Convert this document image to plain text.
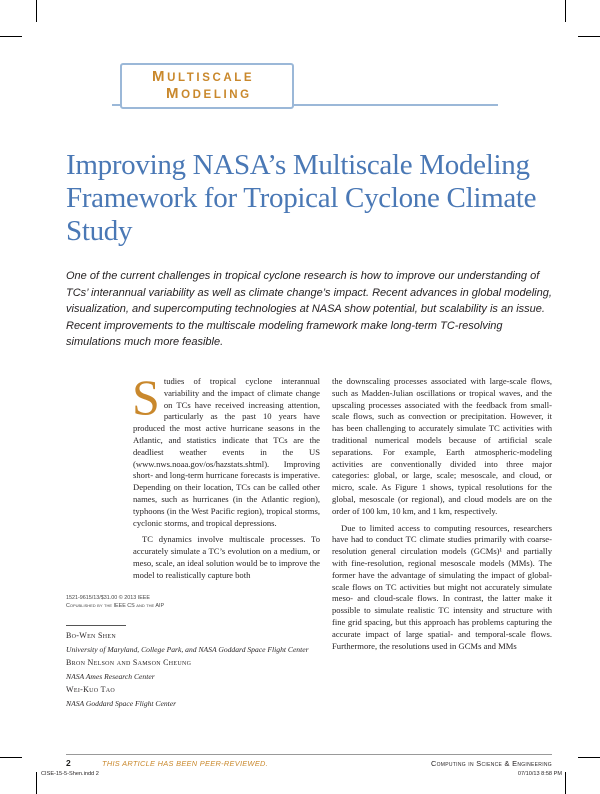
MULTISCALE
MODELING
Improving NASA’s Multiscale Modeling Framework for Tropical Cyclone Climate Study
One of the current challenges in tropical cyclone research is how to improve our understanding of TCs’ interannual variability as well as climate change’s impact. Recent advances in global modeling, visualization, and supercomputing technologies at NASA show potential, but scalability is an issue. Recent improvements to the multiscale modeling framework make long-term TC-resolving simulations much more feasible.
S tudies of tropical cyclone interannual variability and the impact of climate change on TCs have received increasing attention, particularly as the past 10 years have produced the most active hurricane seasons in the Atlantic, and statistics indicate that TCs are the deadliest weather events in the US (www.nws.noaa.gov/os/hazstats.shtml). Improving short- and long-term hurricane forecasts is imperative. Depending on their location, TCs can be called other names, such as hurricanes (in the Atlantic region), typhoons (in the West Pacific region), tropical storms, cyclonic storms, and tropical depressions.

TC dynamics involve multiscale processes. To accurately simulate a TC’s evolution on a medium, or meso, scale, an ideal solution would be to improve the model to realistically capture both

the downscaling processes associated with large-scale flows, such as Madden-Julian oscillations or tropical waves, and the upscaling processes associated with the feedback from small-scale flows, such as convection or precipitation. However, it has been challenging to accurately simulate TC activities with traditional numerical models because of artificial scale separations. For example, Earth atmospheric-modeling activities are conventionally divided into three major categories: global, or large, scale; mesoscale, and cloud, or micro, scale. As Figure 1 shows, typical resolutions for the global, mesoscale (or regional), and cloud models are on the order of 100 km, 10 km, and 1 km, respectively.

Due to limited access to computing resources, researchers have had to conduct TC climate studies primarily with coarse-resolution general circulation models (GCMs)¹ and partially with fine-resolution, regional mesoscale models (MMs). The former have the advantage of simulating the impact of global-scale flows on TC activities but might not accurately simulate meso- and cloud-scale flows. In contrast, the latter make it possible to simulate realistic TC intensity and structure with fine grid spacing, but this approach has problems capturing the accurate impact of large spatial- and temporal-scale flows. Furthermore, the resolutions used in GCMs and MMs

1521-9615/13/$31.00 © 2013 IEEE
Copublished by the IEEE CS and the AIP
Bo-Wen Shen
University of Maryland, College Park, and NASA Goddard Space Flight Center
Bron Nelson and Samson Cheung
NASA Ames Research Center
Wei-Kuo Tao
NASA Goddard Space Flight Center
2	THIS ARTICLE HAS BEEN PEER-REVIEWED.	Computing in Science & Engineering
CISE-15-5-Shen.indd 2	07/10/13 8:58 PM
